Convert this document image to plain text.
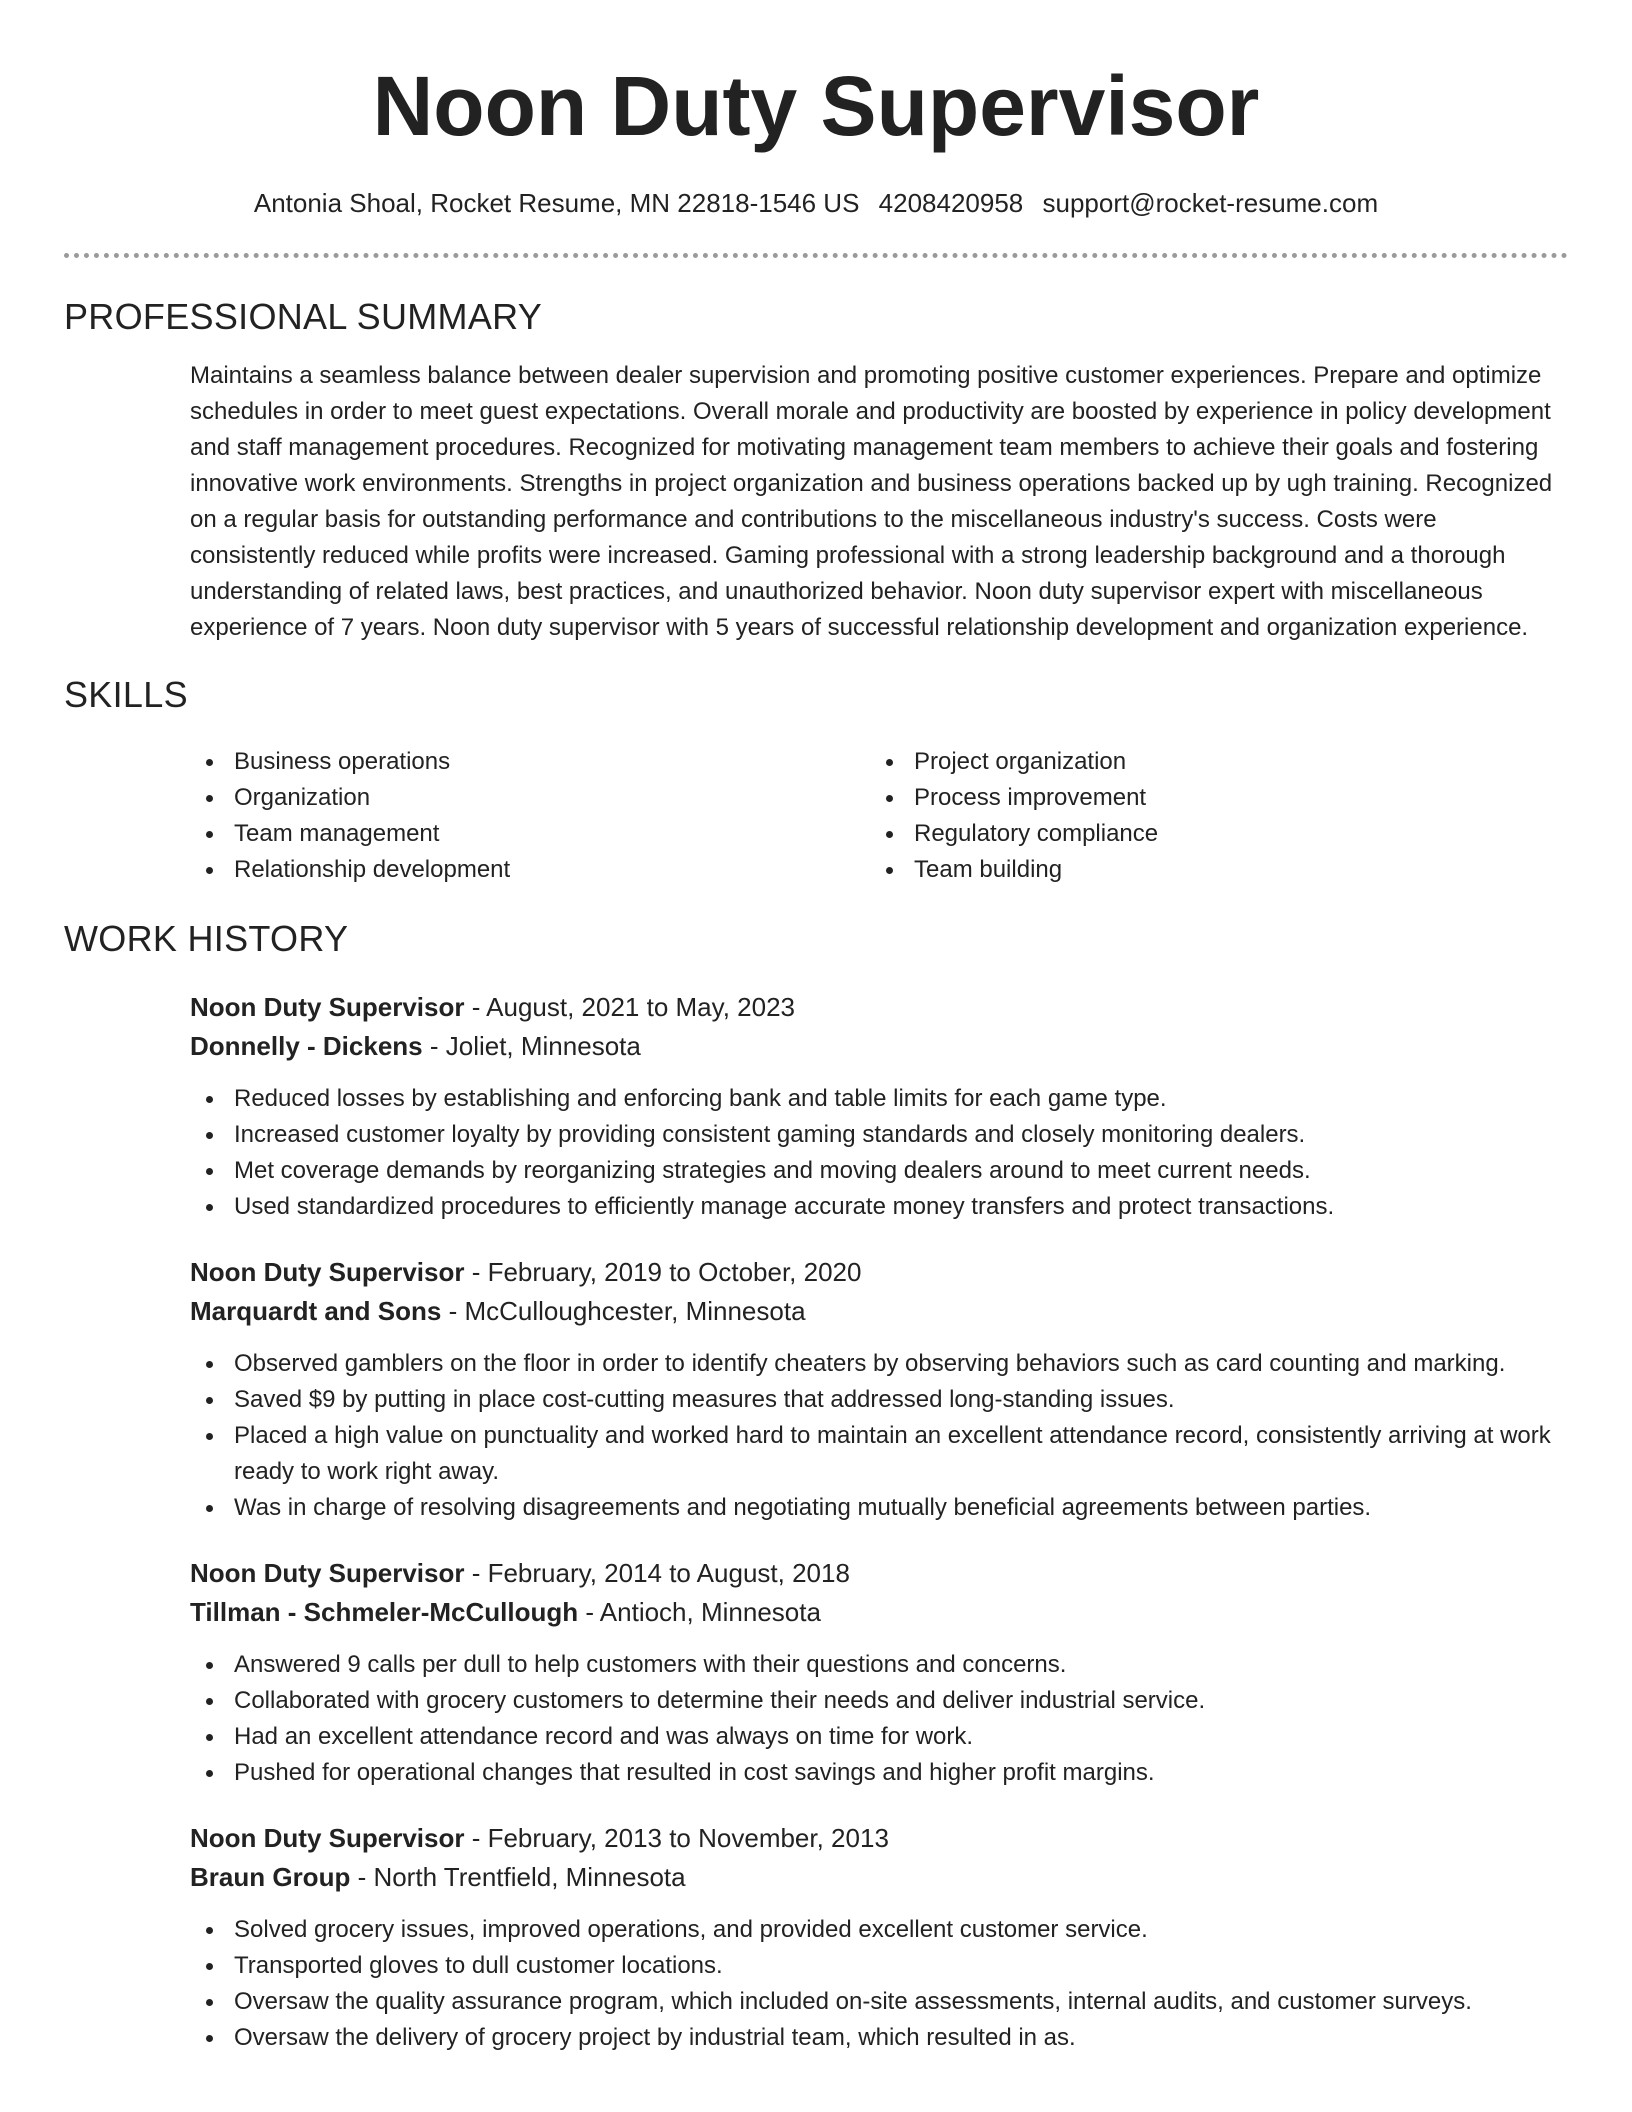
Noon Duty Supervisor
Antonia Shoal, Rocket Resume, MN 22818-1546 US 4208420958 support@rocket-resume.com
PROFESSIONAL SUMMARY

Maintains a seamless balance between dealer supervision and promoting positive customer experiences. Prepare and optimize schedules in order to meet guest expectations. Overall morale and productivity are boosted by experience in policy development and staff management procedures. Recognized for motivating management team members to achieve their goals and fostering innovative work environments. Strengths in project organization and business operations backed up by ugh training. Recognized on a regular basis for outstanding performance and contributions to the miscellaneous industry's success. Costs were consistently reduced while profits were increased. Gaming professional with a strong leadership background and a thorough understanding of related laws, best practices, and unauthorized behavior. Noon duty supervisor expert with miscellaneous experience of 7 years. Noon duty supervisor with 5 years of successful relationship development and organization experience.

SKILLS
Business operations
Organization
Team management
Relationship development
Project organization
Process improvement
Regulatory compliance
Team building
WORK HISTORY
Noon Duty Supervisor - August, 2021 to May, 2023
Donnelly - Dickens - Joliet, Minnesota
Reduced losses by establishing and enforcing bank and table limits for each game type.
Increased customer loyalty by providing consistent gaming standards and closely monitoring dealers.
Met coverage demands by reorganizing strategies and moving dealers around to meet current needs.
Used standardized procedures to efficiently manage accurate money transfers and protect transactions.
Noon Duty Supervisor - February, 2019 to October, 2020
Marquardt and Sons - McCulloughcester, Minnesota
Observed gamblers on the floor in order to identify cheaters by observing behaviors such as card counting and marking.
Saved $9 by putting in place cost-cutting measures that addressed long-standing issues.
Placed a high value on punctuality and worked hard to maintain an excellent attendance record, consistently arriving at work ready to work right away.
Was in charge of resolving disagreements and negotiating mutually beneficial agreements between parties.
Noon Duty Supervisor - February, 2014 to August, 2018
Tillman - Schmeler-McCullough - Antioch, Minnesota
Answered 9 calls per dull to help customers with their questions and concerns.
Collaborated with grocery customers to determine their needs and deliver industrial service.
Had an excellent attendance record and was always on time for work.
Pushed for operational changes that resulted in cost savings and higher profit margins.
Noon Duty Supervisor - February, 2013 to November, 2013
Braun Group - North Trentfield, Minnesota
Solved grocery issues, improved operations, and provided excellent customer service.
Transported gloves to dull customer locations.
Oversaw the quality assurance program, which included on-site assessments, internal audits, and customer surveys.
Oversaw the delivery of grocery project by industrial team, which resulted in as.
